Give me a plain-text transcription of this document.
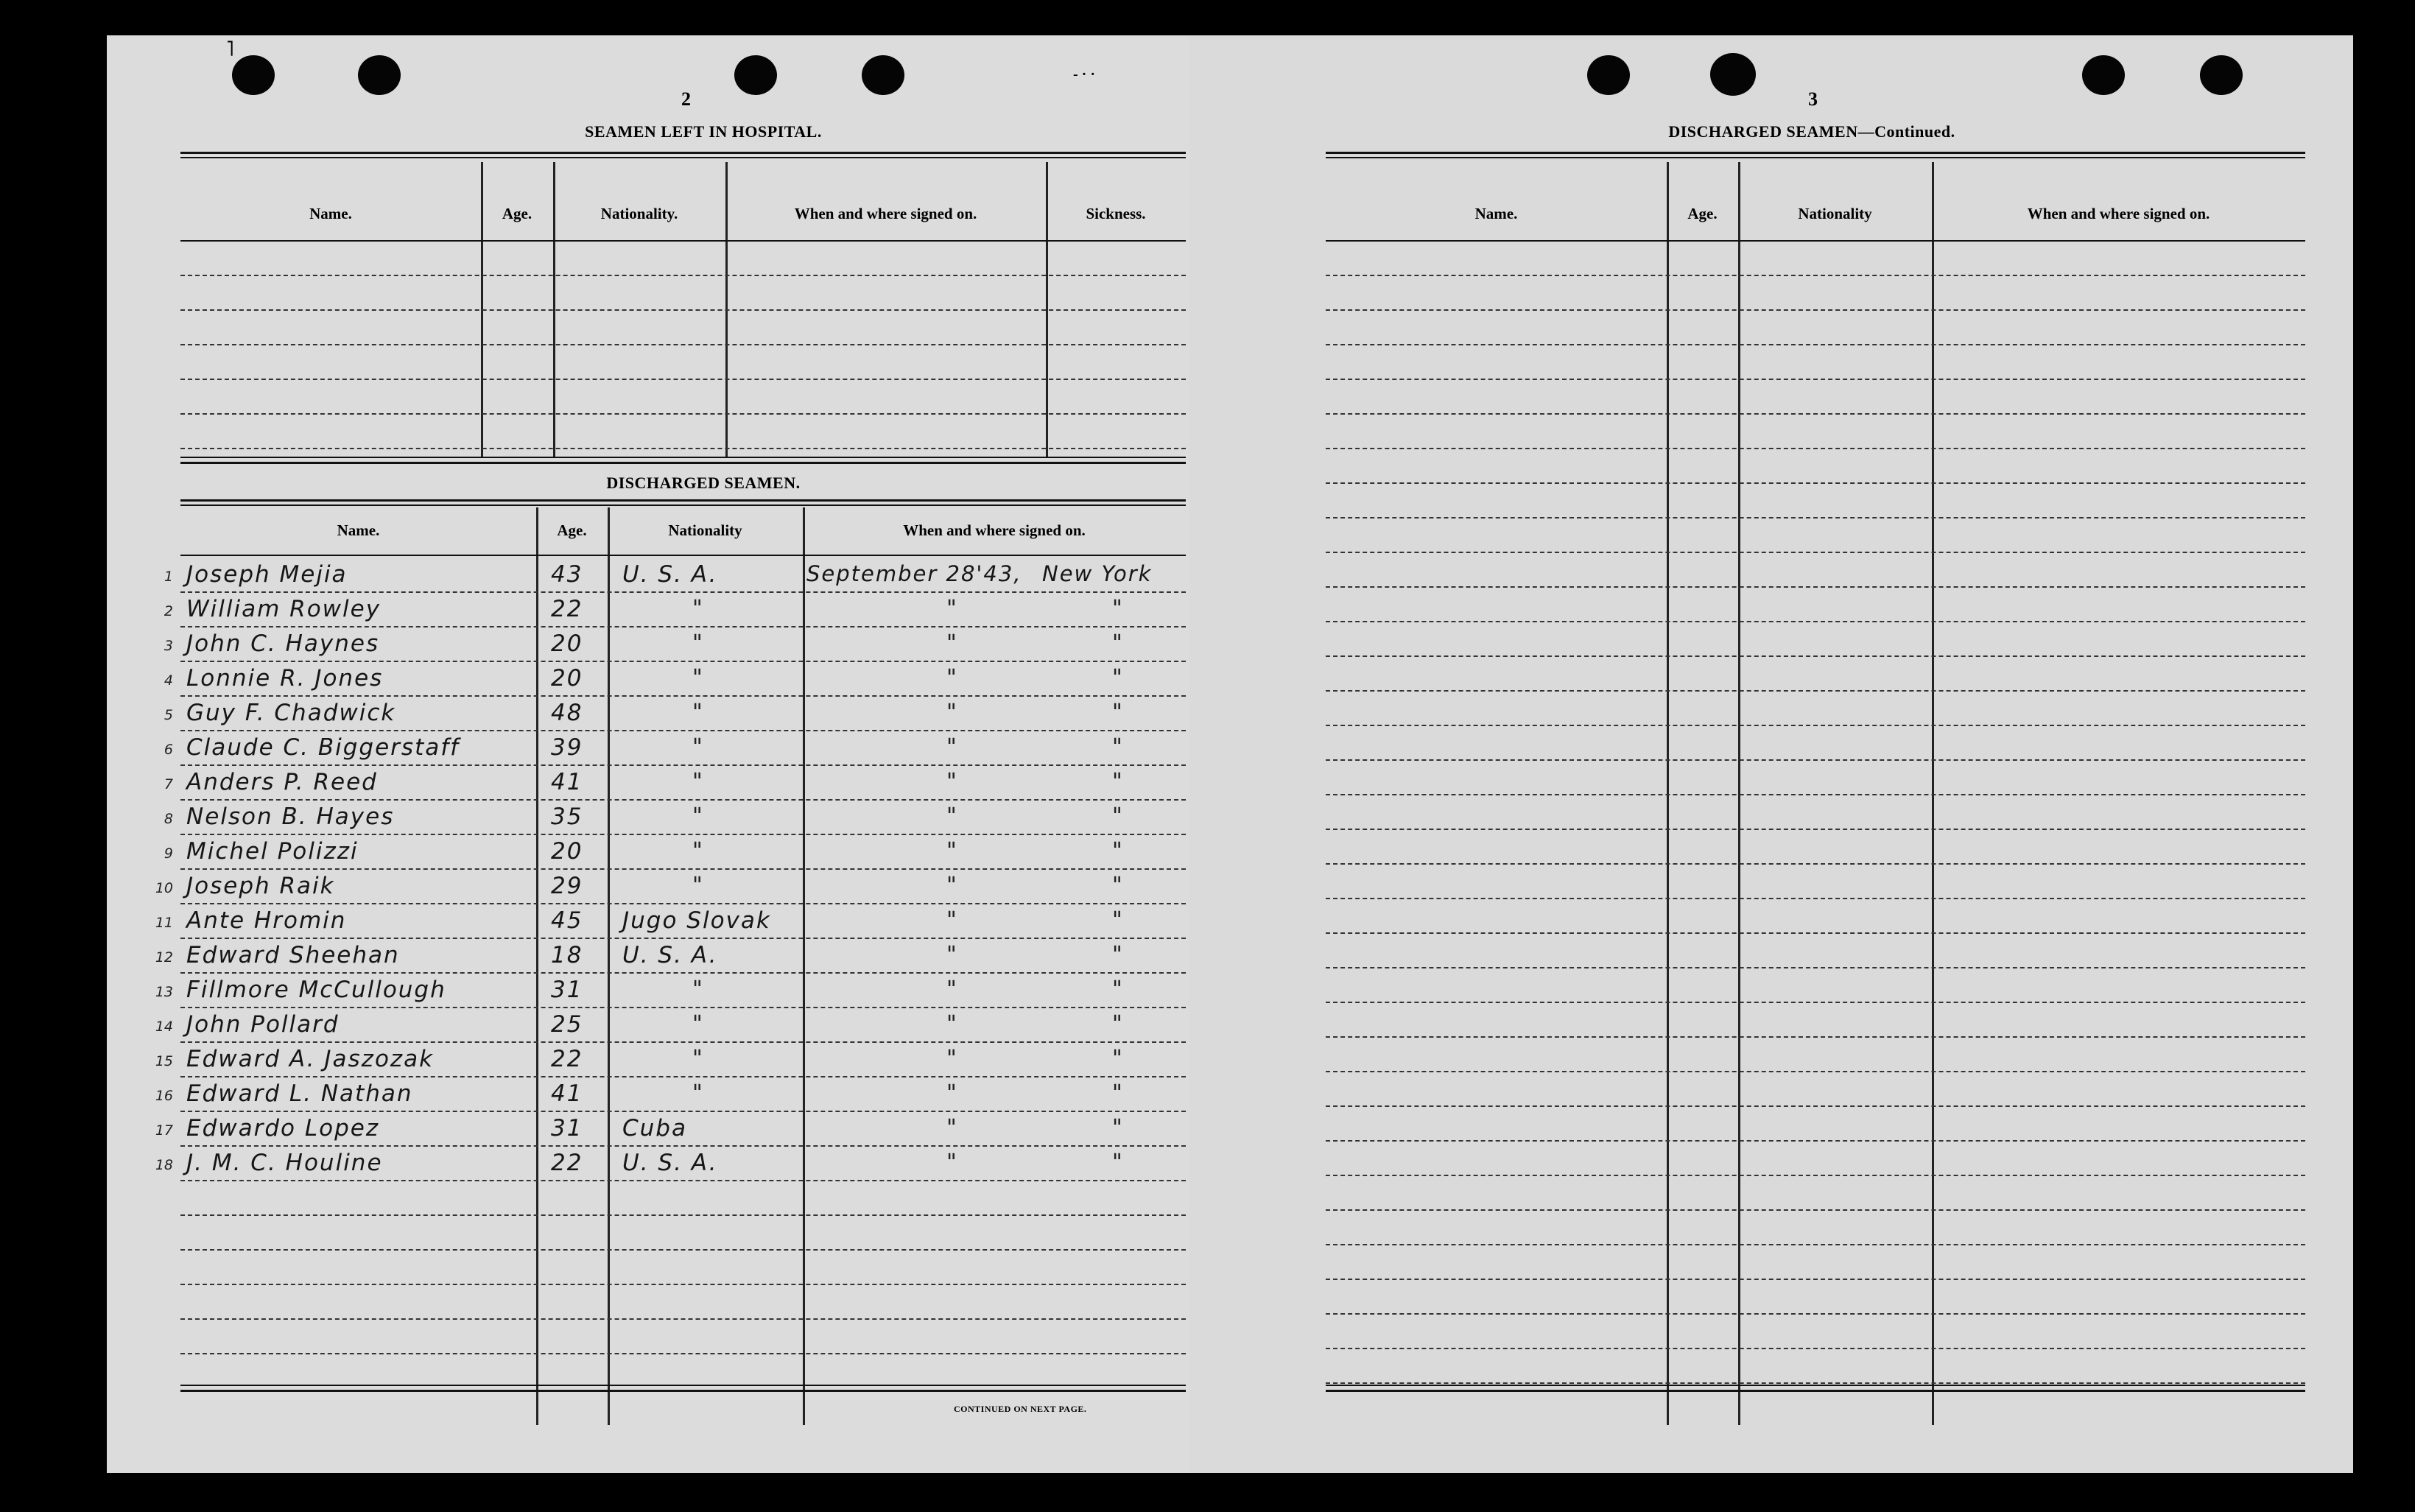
˥
- · ·
2
SEAMEN LEFT IN HOSPITAL.
Name.	Age.	Nationality.	When and where signed on.	Sickness.
DISCHARGED SEAMEN.
Name.	Age.	Nationality	When and where signed on.
1 Joseph Mejia	43 U. S. A.	September 28'43, New York
2 William Rowley	22	"	"	"
3 John C. Haynes	20	"	"	"
4 Lonnie R. Jones	20	"	"	"
5 Guy F. Chadwick	48	"	"	"
6 Claude C. Biggerstaff	39	"	"	"
7 Anders P. Reed	41	"	"	"
8 Nelson B. Hayes	35	"	"	"
9 Michel Polizzi	20	"	"	"
10 Joseph Raik	29	"	"	"
11 Ante Hromin	45 Jugo Slovak	"	"
12 Edward Sheehan	18 U. S. A.	"	"
13 Fillmore McCullough	31	"	"	"
14 John Pollard	25	"	"	"
15 Edward A. Jaszozak	22	"	"	"
16 Edward L. Nathan	41	"	"	"
17 Edwardo Lopez	31 Cuba	"	"
18 J. M. C. Houline	22 U. S. A.	"	"
CONTINUED ON NEXT PAGE.
3
DISCHARGED SEAMEN—Continued.
Name.	Age.	Nationality	When and where signed on.
